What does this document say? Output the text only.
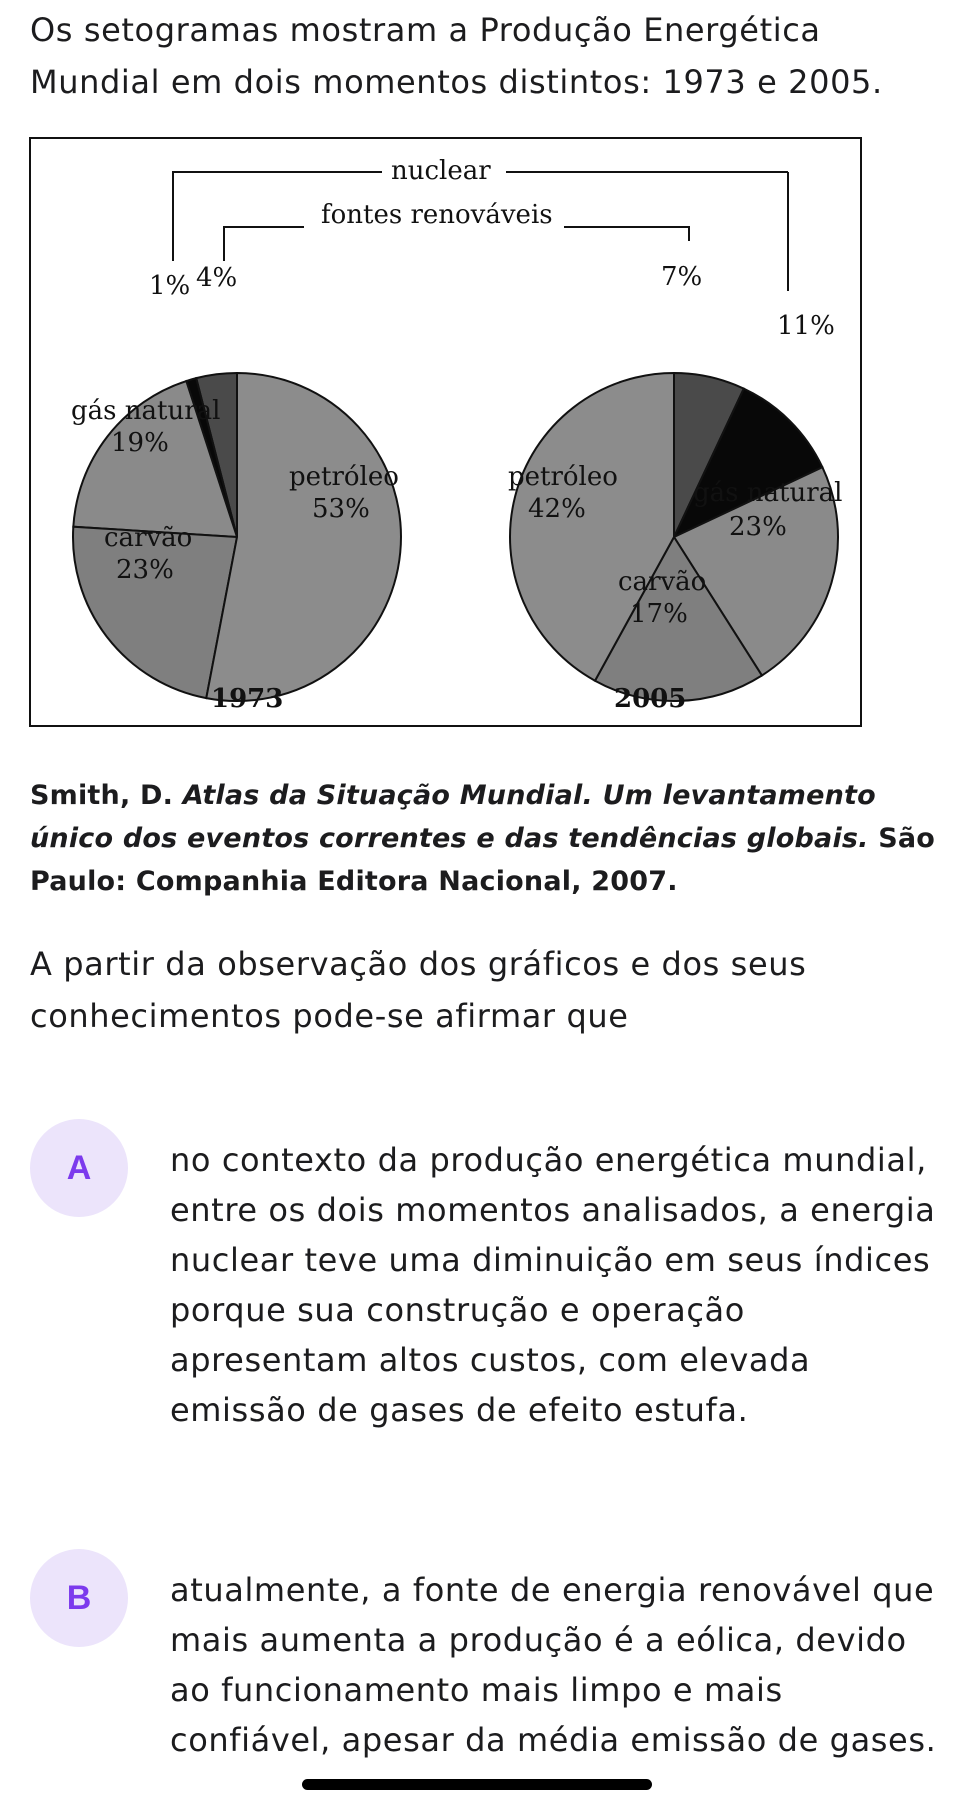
Os setogramas mostram a Produção Energética Mundial em dois momentos distintos: 1973 e 2005.

nuclear
fontes renováveis
1% 4%
gás natural
19%
carvão
23%
petróleo
53%
1973
7%
11%
gás natural
23%
carvão
17%
petróleo
42%
2005

Smith, D. Atlas da Situação Mundial. Um levantamento único dos eventos correntes e das tendências globais. São Paulo: Companhia Editora Nacional, 2007.

A partir da observação dos gráficos e dos seus conhecimentos pode-se afirmar que

A	no contexto da produção energética mundial, entre os dois momentos analisados, a energia nuclear teve uma diminuição em seus índices porque sua construção e operação apresentam altos custos, com elevada emissão de gases de efeito estufa.

B	atualmente, a fonte de energia renovável que mais aumenta a produção é a eólica, devido ao funcionamento mais limpo e mais confiável, apesar da média emissão de gases.
